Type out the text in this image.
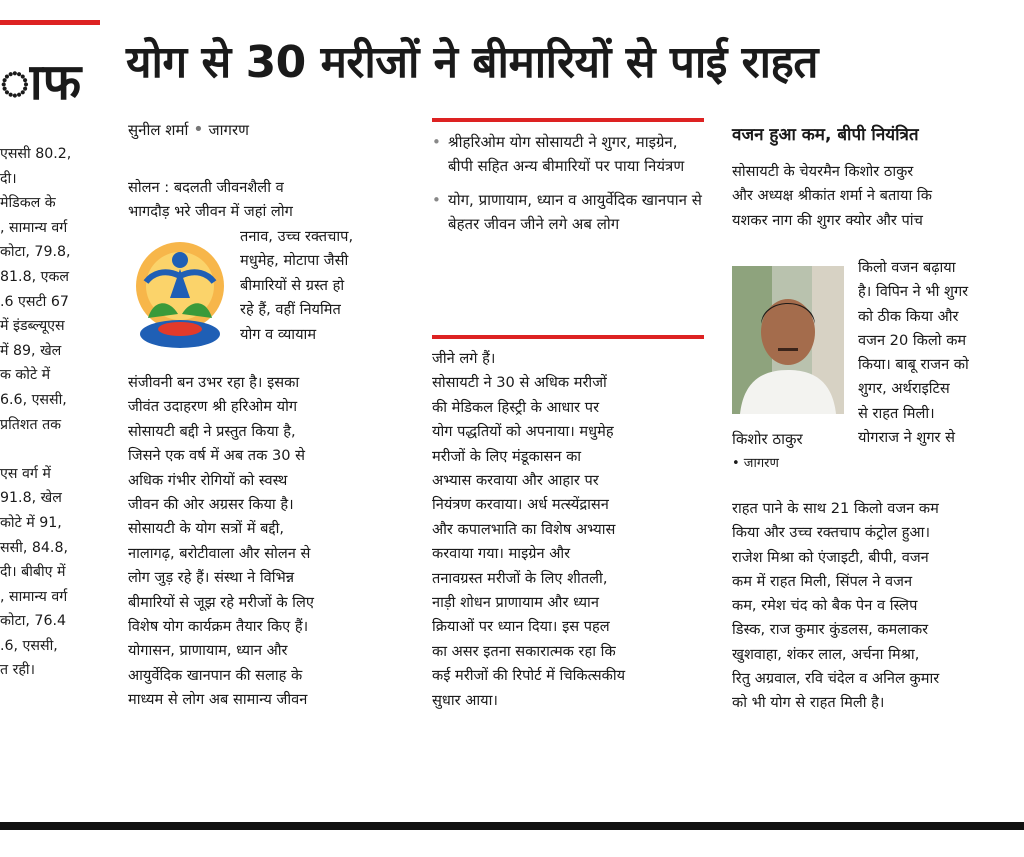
ाफ
एससी 80.2,
दी।
मेडिकल के
, सामान्य वर्ग
कोटा, 79.8,
81.8, एकल
.6 एसटी 67
में इंडब्ल्यूएस
में 89, खेल
क कोटे में
6.6, एससी,
प्रतिशत तक

एस वर्ग में
91.8, खेल
कोटे में 91,
ससी, 84.8,
दी। बीबीए में
, सामान्य वर्ग
कोटा, 76.4
.6, एससी,
त रही।
योग से 30 मरीजों ने बीमारियों से पाई राहत
सुनील शर्मा • जागरण
सोलन : बदलती जीवनशैली व
भागदौड़ भरे जीवन में जहां लोग
तनाव, उच्च रक्तचाप,
मधुमेह, मोटापा जैसी
बीमारियों से ग्रस्त हो
रहे हैं, वहीं नियमित
योग व व्यायाम
संजीवनी बन उभर रहा है। इसका
जीवंत उदाहरण श्री हरिओम योग
सोसायटी बद्दी ने प्रस्तुत किया है,
जिसने एक वर्ष में अब तक 30 से
अधिक गंभीर रोगियों को स्वस्थ
जीवन की ओर अग्रसर किया है।
सोसायटी के योग सत्रों में बद्दी,
नालागढ़, बरोटीवाला और सोलन से
लोग जुड़ रहे हैं। संस्था ने विभिन्न
बीमारियों से जूझ रहे मरीजों के लिए
विशेष योग कार्यक्रम तैयार किए हैं।
योगासन, प्राणायाम, ध्यान और
आयुर्वेदिक खानपान की सलाह के
माध्यम से लोग अब सामान्य जीवन
• श्रीहरिओम योग सोसायटी ने शुगर, माइग्रेन, बीपी सहित अन्य बीमारियों पर पाया नियंत्रण
• योग, प्राणायाम, ध्यान व आयुर्वेदिक खानपान से बेहतर जीवन जीने लगे अब लोग
जीने लगे हैं।
सोसायटी ने 30 से अधिक मरीजों
की मेडिकल हिस्ट्री के आधार पर
योग पद्धतियों को अपनाया। मधुमेह
मरीजों के लिए मंडूकासन का
अभ्यास करवाया और आहार पर
नियंत्रण करवाया। अर्ध मत्स्येंद्रासन
और कपालभाति का विशेष अभ्यास
करवाया गया। माइग्रेन और
तनावग्रस्त मरीजों के लिए शीतली,
नाड़ी शोधन प्राणायाम और ध्यान
क्रियाओं पर ध्यान दिया। इस पहल
का असर इतना सकारात्मक रहा कि
कई मरीजों की रिपोर्ट में चिकित्सकीय
सुधार आया।
वजन हुआ कम, बीपी नियंत्रित
सोसायटी के चेयरमैन किशोर ठाकुर
और अध्यक्ष श्रीकांत शर्मा ने बताया कि
यशकर नाग की शुगर क्योर और पांच
किलो वजन बढ़ाया
है। विपिन ने भी शुगर
को ठीक किया और
वजन 20 किलो कम
किया। बाबू राजन को
शुगर, अर्थराइटिस
से राहत मिली।
योगराज ने शुगर से
किशोर ठाकुर
• जागरण
राहत पाने के साथ 21 किलो वजन कम
किया और उच्च रक्तचाप कंट्रोल हुआ।
राजेश मिश्रा को एंजाइटी, बीपी, वजन
कम में राहत मिली, सिंपल ने वजन
कम, रमेश चंद को बैक पेन व स्लिप
डिस्क, राज कुमार कुंडलस, कमलाकर
खुशवाहा, शंकर लाल, अर्चना मिश्रा,
रितु अग्रवाल, रवि चंदेल व अनिल कुमार
को भी योग से राहत मिली है।
